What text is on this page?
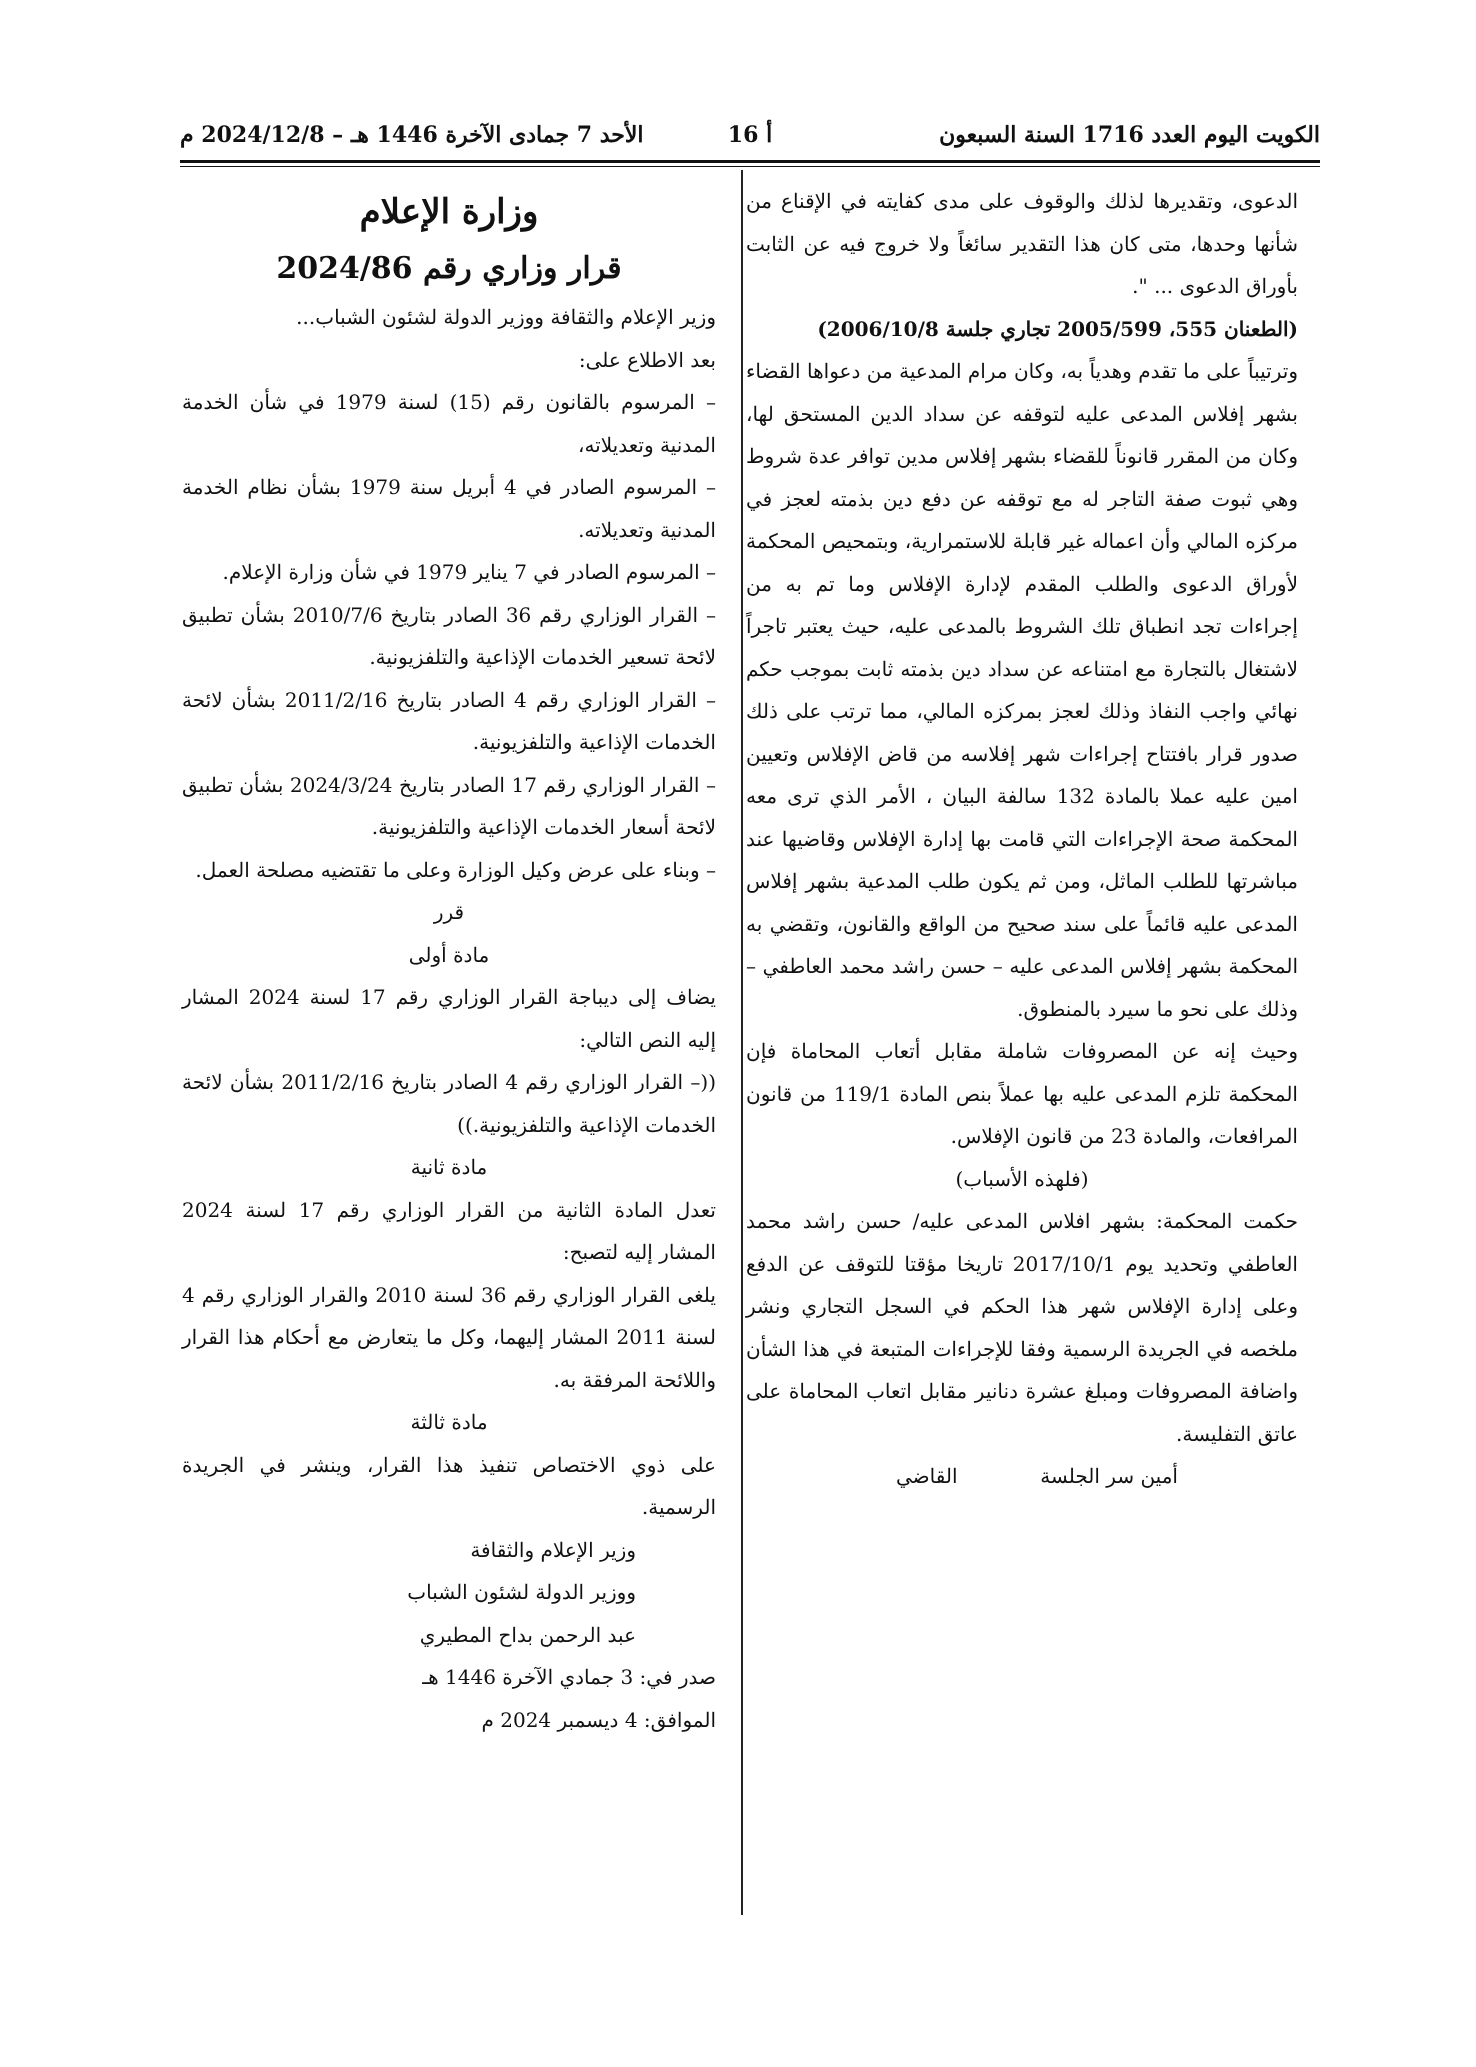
الكويت اليوم العدد 1716 السنة السبعون
أ 16
الأحد 7 جمادى الآخرة 1446 هـ – 2024/12/8 م

الدعوى، وتقديرها لذلك والوقوف على مدى كفايته في الإقناع من شأنها وحدها، متى كان هذا التقدير سائغاً ولا خروج فيه عن الثابت بأوراق الدعوى ... ".

(الطعنان 555، 2005/599 تجاري جلسة 2006/10/8)

وترتيباً على ما تقدم وهدياً به، وكان مرام المدعية من دعواها القضاء بشهر إفلاس المدعى عليه لتوقفه عن سداد الدين المستحق لها، وكان من المقرر قانوناً للقضاء بشهر إفلاس مدين توافر عدة شروط وهي ثبوت صفة التاجر له مع توقفه عن دفع دين بذمته لعجز في مركزه المالي وأن اعماله غير قابلة للاستمرارية، وبتمحيص المحكمة لأوراق الدعوى والطلب المقدم لإدارة الإفلاس وما تم به من إجراءات تجد انطباق تلك الشروط بالمدعى عليه، حيث يعتبر تاجراً لاشتغال بالتجارة مع امتناعه عن سداد دين بذمته ثابت بموجب حكم نهائي واجب النفاذ وذلك لعجز بمركزه المالي، مما ترتب على ذلك صدور قرار بافتتاح إجراءات شهر إفلاسه من قاض الإفلاس وتعيين امين عليه عملا بالمادة 132 سالفة البيان ، الأمر الذي ترى معه المحكمة صحة الإجراءات التي قامت بها إدارة الإفلاس وقاضيها عند مباشرتها للطلب الماثل، ومن ثم يكون طلب المدعية بشهر إفلاس المدعى عليه قائماً على سند صحيح من الواقع والقانون، وتقضي به المحكمة بشهر إفلاس المدعى عليه – حسن راشد محمد العاطفي – وذلك على نحو ما سيرد بالمنطوق.

وحيث إنه عن المصروفات شاملة مقابل أتعاب المحاماة فإن المحكمة تلزم المدعى عليه بها عملاً بنص المادة 119/1 من قانون المرافعات، والمادة 23 من قانون الإفلاس.

(فلهذه الأسباب)

حكمت المحكمة: بشهر افلاس المدعى عليه/ حسن راشد محمد العاطفي وتحديد يوم 2017/10/1 تاريخا مؤقتا للتوقف عن الدفع وعلى إدارة الإفلاس شهر هذا الحكم في السجل التجاري ونشر ملخصه في الجريدة الرسمية وفقا للإجراءات المتبعة في هذا الشأن واضافة المصروفات ومبلغ عشرة دنانير مقابل اتعاب المحاماة على عاتق التفليسة.

أمين سر الجلسة
القاضي
وزارة الإعلام
قرار وزاري رقم 2024/86

وزير الإعلام والثقافة ووزير الدولة لشئون الشباب...

بعد الاطلاع على:

– المرسوم بالقانون رقم (15) لسنة 1979 في شأن الخدمة المدنية وتعديلاته،

– المرسوم الصادر في 4 أبريل سنة 1979 بشأن نظام الخدمة المدنية وتعديلاته.

– المرسوم الصادر في 7 يناير 1979 في شأن وزارة الإعلام.

– القرار الوزاري رقم 36 الصادر بتاريخ 2010/7/6 بشأن تطبيق لائحة تسعير الخدمات الإذاعية والتلفزيونية.

– القرار الوزاري رقم 4 الصادر بتاريخ 2011/2/16 بشأن لائحة الخدمات الإذاعية والتلفزيونية.

– القرار الوزاري رقم 17 الصادر بتاريخ 2024/3/24 بشأن تطبيق لائحة أسعار الخدمات الإذاعية والتلفزيونية.

– وبناء على عرض وكيل الوزارة وعلى ما تقتضيه مصلحة العمل.

قرر

مادة أولى

يضاف إلى ديباجة القرار الوزاري رقم 17 لسنة 2024 المشار إليه النص التالي:

((– القرار الوزاري رقم 4 الصادر بتاريخ 2011/2/16 بشأن لائحة الخدمات الإذاعية والتلفزيونية.))

مادة ثانية

تعدل المادة الثانية من القرار الوزاري رقم 17 لسنة 2024 المشار إليه لتصبح:

يلغى القرار الوزاري رقم 36 لسنة 2010 والقرار الوزاري رقم 4 لسنة 2011 المشار إليهما، وكل ما يتعارض مع أحكام هذا القرار واللائحة المرفقة به.

مادة ثالثة

على ذوي الاختصاص تنفيذ هذا القرار، وينشر في الجريدة الرسمية.

وزير الإعلام والثقافة

ووزير الدولة لشئون الشباب

عبد الرحمن بداح المطيري

صدر في: 3 جمادي الآخرة 1446 هـ

الموافق: 4 ديسمبر 2024 م
